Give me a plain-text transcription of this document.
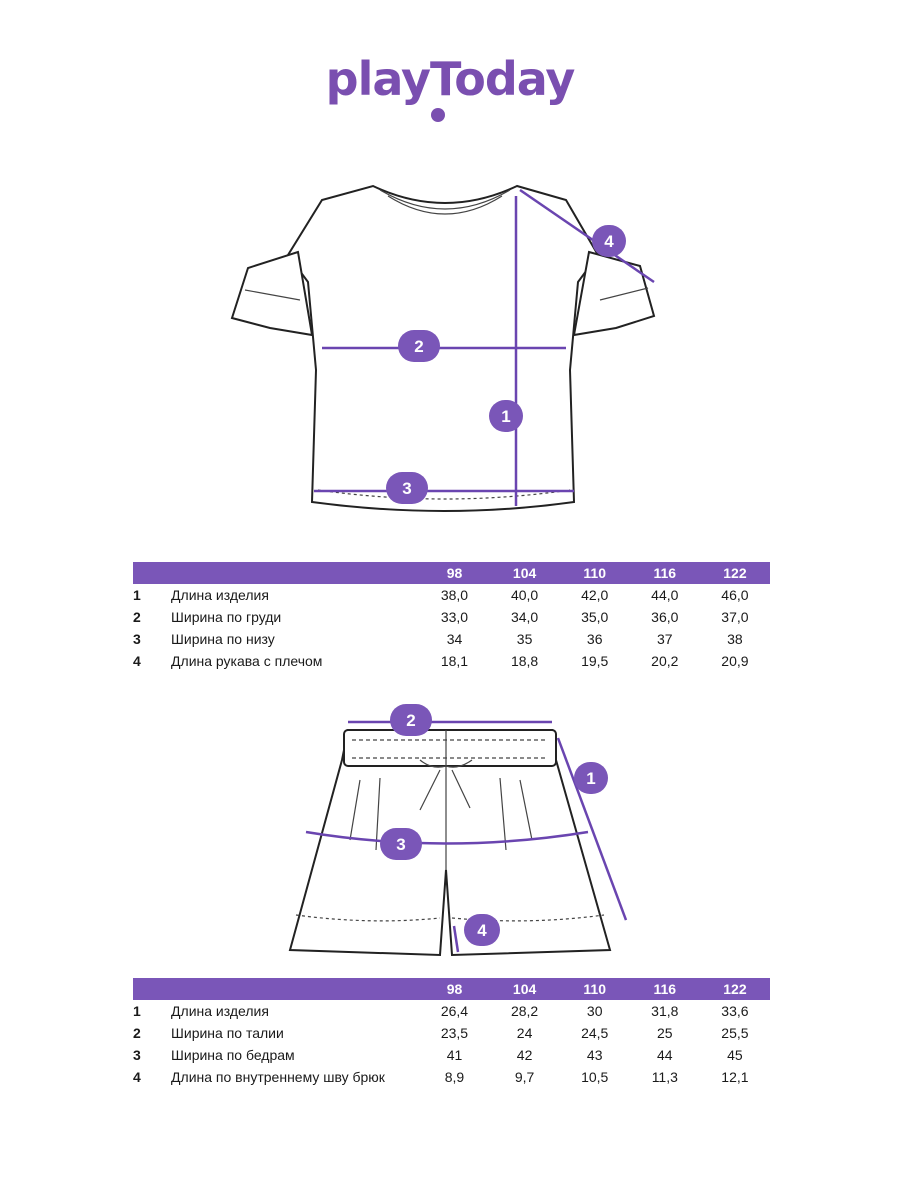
playToday
1
2
3
4
		98	104	110	116	122
1	Длина изделия	38,0	40,0	42,0	44,0	46,0
2	Ширина по груди	33,0	34,0	35,0	36,0	37,0
3	Ширина по низу	34	35	36	37	38
4	Длина рукава с плечом	18,1	18,8	19,5	20,2	20,9
1
2
3
4
		98	104	110	116	122
1	Длина изделия	26,4	28,2	30	31,8	33,6
2	Ширина по талии	23,5	24	24,5	25	25,5
3	Ширина по бедрам	41	42	43	44	45
4	Длина по внутреннему шву брюк	8,9	9,7	10,5	11,3	12,1
